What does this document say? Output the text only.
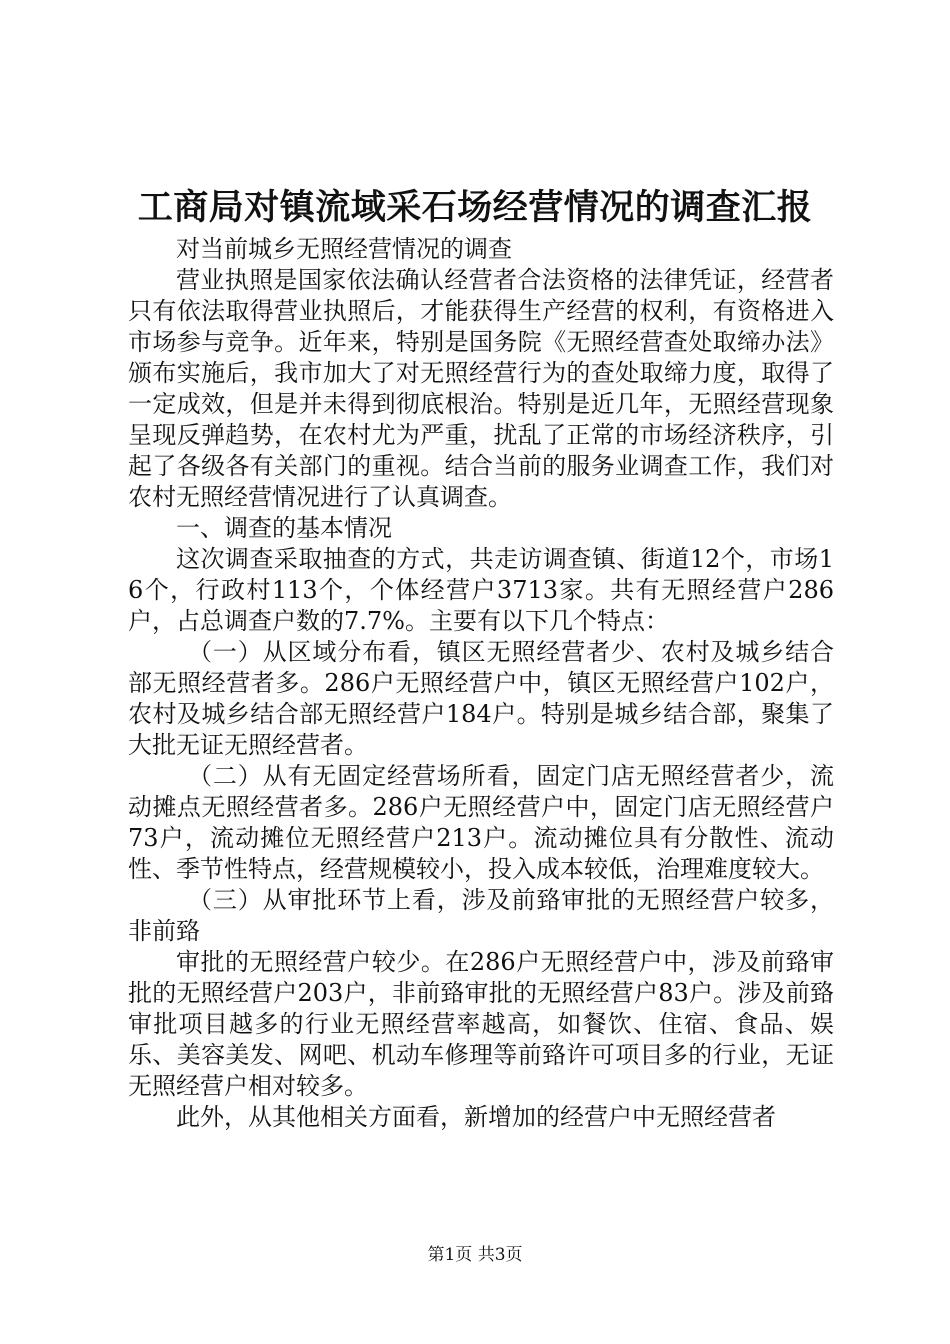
工商局对镇流域采石场经营情况的调查汇报

对当前城乡无照经营情况的调查

营业执照是国家依法确认经营者合法资格的法律凭证，经营者只有依法取得营业执照后，才能获得生产经营的权利，有资格进入市场参与竞争。近年来，特别是国务院《无照经营查处取缔办法》颁布实施后，我市加大了对无照经营行为的查处取缔力度，取得了一定成效，但是并未得到彻底根治。特别是近几年，无照经营现象呈现反弹趋势，在农村尤为严重，扰乱了正常的市场经济秩序，引起了各级各有关部门的重视。结合当前的服务业调查工作，我们对农村无照经营情况进行了认真调查。

一、调查的基本情况

这次调查采取抽查的方式，共走访调查镇、街道12个，市场16个，行政村113个，个体经营户3713家。共有无照经营户286户，占总调查户数的7.7%。主要有以下几个特点：

（一）从区域分布看，镇区无照经营者少、农村及城乡结合部无照经营者多。286户无照经营户中，镇区无照经营户102户，农村及城乡结合部无照经营户184户。特别是城乡结合部，聚集了大批无证无照经营者。

（二）从有无固定经营场所看，固定门店无照经营者少，流动摊点无照经营者多。286户无照经营户中，固定门店无照经营户73户，流动摊位无照经营户213户。流动摊位具有分散性、流动性、季节性特点，经营规模较小，投入成本较低，治理难度较大。

（三）从审批环节上看，涉及前臵审批的无照经营户较多，非前臵

审批的无照经营户较少。在286户无照经营户中，涉及前臵审批的无照经营户203户，非前臵审批的无照经营户83户。涉及前臵审批项目越多的行业无照经营率越高，如餐饮、住宿、食品、娱乐、美容美发、网吧、机动车修理等前臵许可项目多的行业，无证无照经营户相对较多。

此外，从其他相关方面看，新增加的经营户中无照经营者

第1页 共3页
